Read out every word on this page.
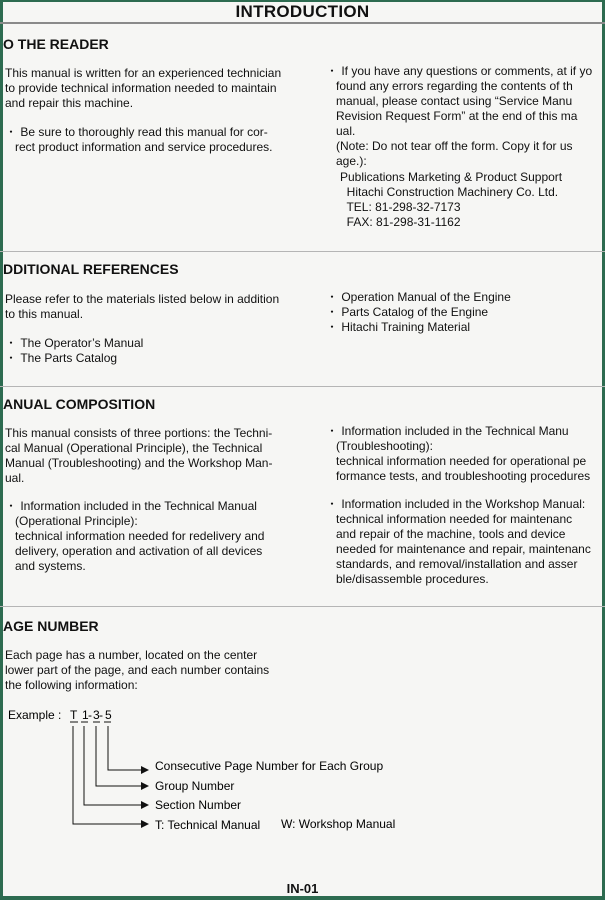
INTRODUCTION
O THE READER
This manual is written for an experienced technician
to provide technical information needed to maintain
and repair this machine.
・ Be sure to thoroughly read this manual for cor-
rect product information and service procedures.
・ If you have any questions or comments, at if yo
found any errors regarding the contents of th
manual, please contact using “Service Manu
Revision Request Form” at the end of this ma
ual.
(Note: Do not tear off the form. Copy it for us
age.):
Publications Marketing & Product Support
Hitachi Construction Machinery Co. Ltd.
TEL: 81-298-32-7173
FAX: 81-298-31-1162
DDITIONAL REFERENCES
Please refer to the materials listed below in addition
to this manual.
・ The Operator’s Manual
・ The Parts Catalog
・ Operation Manual of the Engine
・ Parts Catalog of the Engine
・ Hitachi Training Material
ANUAL COMPOSITION
This manual consists of three portions: the Techni-
cal Manual (Operational Principle), the Technical
Manual (Troubleshooting) and the Workshop Man-
ual.
・ Information included in the Technical Manual
(Operational Principle):
technical information needed for redelivery and
delivery, operation and activation of all devices
and systems.
・ Information included in the Technical Manu
(Troubleshooting):
technical information needed for operational pe
formance tests, and troubleshooting procedures
・ Information included in the Workshop Manual:
technical information needed for maintenanc
and repair of the machine, tools and device
needed for maintenance and repair, maintenanc
standards, and removal/installation and asser
ble/disassemble procedures.
AGE NUMBER
Each page has a number, located on the center
lower part of the page, and each number contains
the following information:
Example : T 1 - 3 - 5
Consecutive Page Number for Each Group
Group Number
Section Number
T: Technical Manual W: Workshop Manual
IN-01
